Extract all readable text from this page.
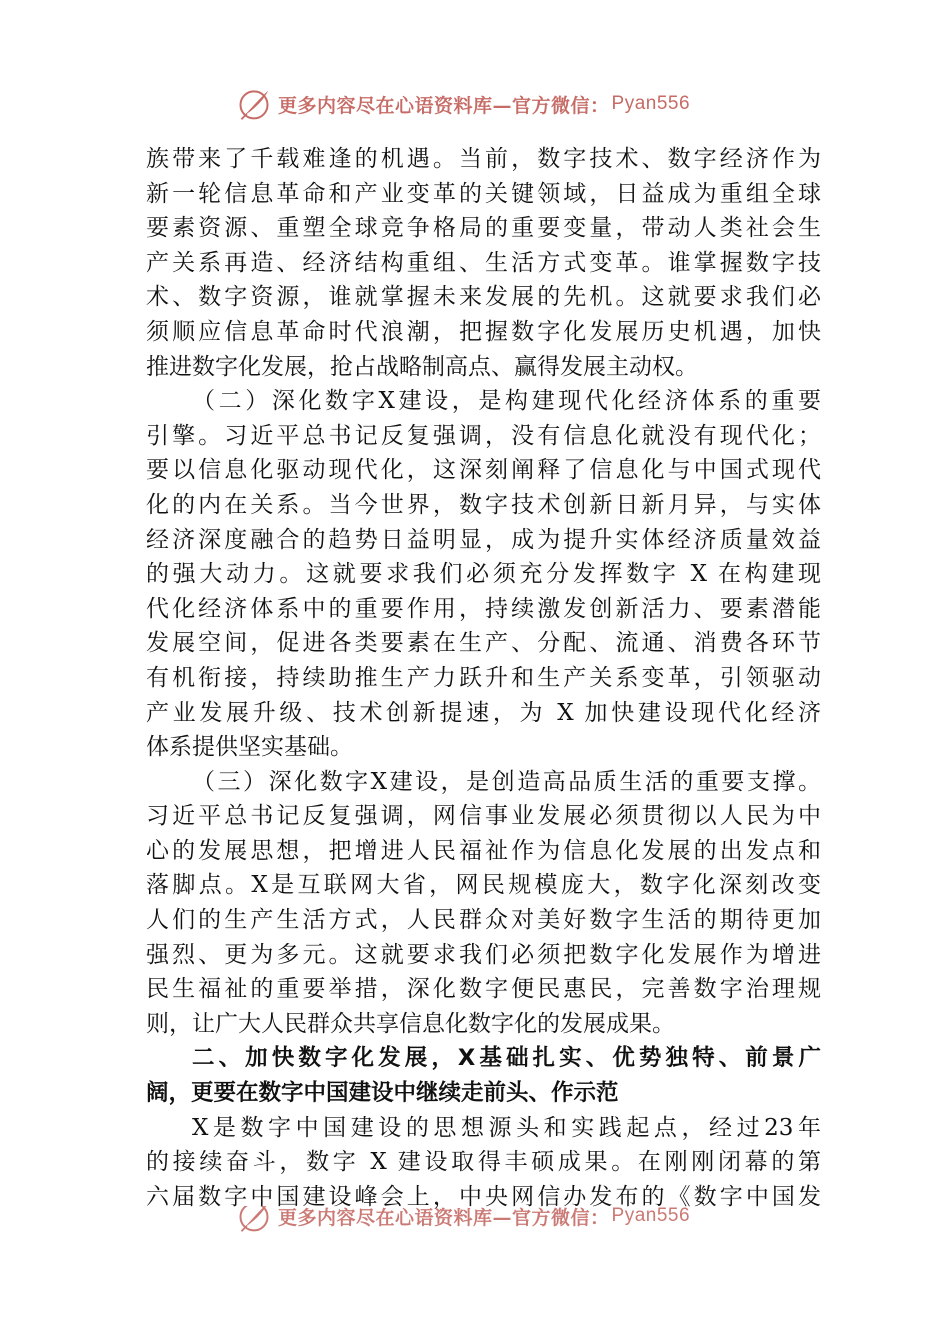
更多内容尽在心语资料库—官方微信： Pyan556
族带来了千载难逢的机遇。当前，数字技术、数字经济作为
新一轮信息革命和产业变革的关键领域，日益成为重组全球
要素资源、重塑全球竞争格局的重要变量，带动人类社会生
产关系再造、经济结构重组、生活方式变革。谁掌握数字技
术、数字资源，谁就掌握未来发展的先机。这就要求我们必
须顺应信息革命时代浪潮，把握数字化发展历史机遇，加快
推进数字化发展，抢占战略制高点、赢得发展主动权。
（二）深化数字X建设，是构建现代化经济体系的重要
引擎。习近平总书记反复强调，没有信息化就没有现代化；
要以信息化驱动现代化，这深刻阐释了信息化与中国式现代
化的内在关系。当今世界，数字技术创新日新月异，与实体
经济深度融合的趋势日益明显，成为提升实体经济质量效益
的强大动力。这就要求我们必须充分发挥数字 X 在构建现
代化经济体系中的重要作用，持续激发创新活力、要素潜能
发展空间，促进各类要素在生产、分配、流通、消费各环节
有机衔接，持续助推生产力跃升和生产关系变革，引领驱动
产业发展升级、技术创新提速，为 X 加快建设现代化经济
体系提供坚实基础。
（三）深化数字X建设，是创造高品质生活的重要支撑。
习近平总书记反复强调，网信事业发展必须贯彻以人民为中
心的发展思想，把增进人民福祉作为信息化发展的出发点和
落脚点。X是互联网大省，网民规模庞大，数字化深刻改变
人们的生产生活方式，人民群众对美好数字生活的期待更加
强烈、更为多元。这就要求我们必须把数字化发展作为增进
民生福祉的重要举措，深化数字便民惠民，完善数字治理规
则，让广大人民群众共享信息化数字化的发展成果。
二、加快数字化发展，X基础扎实、优势独特、前景广
阔，更要在数字中国建设中继续走前头、作示范
X是数字中国建设的思想源头和实践起点，经过23年
的接续奋斗，数字 X 建设取得丰硕成果。在刚刚闭幕的第
六届数字中国建设峰会上，中央网信办发布的《数字中国发
更多内容尽在心语资料库—官方微信： Pyan556
